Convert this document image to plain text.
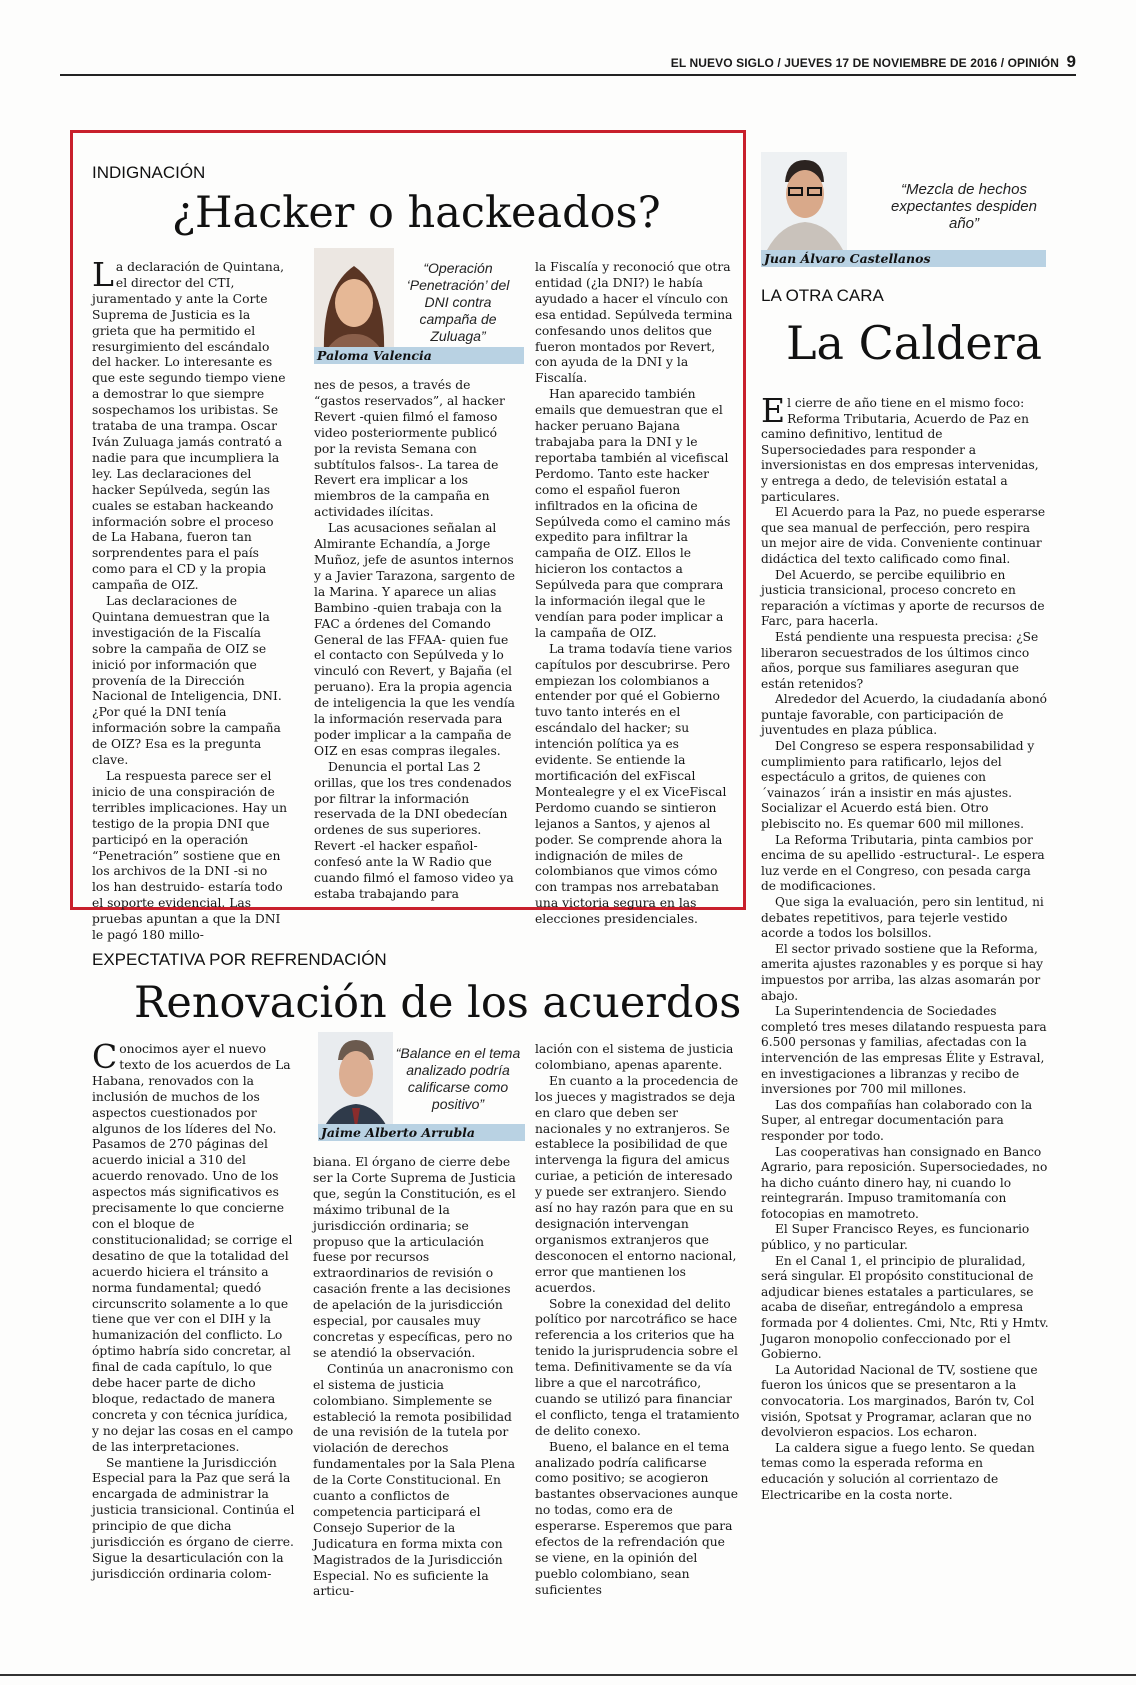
EL NUEVO SIGLO / JUEVES 17 DE NOVIEMBRE DE 2016 / OPINIÓN 9
INDIGNACIÓN
¿Hacker o hackeados?

La declaración de Quintana, el director del CTI, juramentado y ante la Corte Suprema de Justicia es la grieta que ha permitido el resurgimiento del escándalo del hacker. Lo interesante es que este segundo tiempo viene a demostrar lo que siempre sospechamos los uribistas. Se trataba de una trampa. Oscar Iván Zuluaga jamás contrató a nadie para que incumpliera la ley. Las declaraciones del hacker Sepúlveda, según las cuales se estaban hackeando información sobre el proceso de La Habana, fueron tan sorprendentes para el país como para el CD y la propia campaña de OIZ.

Las declaraciones de Quintana demuestran que la investigación de la Fiscalía sobre la campaña de OIZ se inició por información que provenía de la Dirección Nacional de Inteligencia, DNI. ¿Por qué la DNI tenía información sobre la campaña de OIZ? Esa es la pregunta clave.

La respuesta parece ser el inicio de una conspiración de terribles implicaciones. Hay un testigo de la propia DNI que participó en la operación “Penetración” sostiene que en los archivos de la DNI -si no los han destruido- estaría todo el soporte evidencial. Las pruebas apuntan a que la DNI le pagó 180 millo-

“Operación ‘Penetración’ del DNI contra campaña de Zuluaga”
Paloma Valencia

nes de pesos, a través de “gastos reservados”, al hacker Revert -quien filmó el famoso video posteriormente publicó por la revista Semana con subtítulos falsos-. La tarea de Revert era implicar a los miembros de la campaña en actividades ilícitas.

Las acusaciones señalan al Almirante Echandía, a Jorge Muñoz, jefe de asuntos internos y a Javier Tarazona, sargento de la Marina. Y aparece un alias Bambino -quien trabaja con la FAC a órdenes del Comando General de las FFAA- quien fue el contacto con Sepúlveda y lo vinculó con Revert, y Bajaña (el peruano). Era la propia agencia de inteligencia la que les vendía la información reservada para poder implicar a la campaña de OIZ en esas compras ilegales.

Denuncia el portal Las 2 orillas, que los tres condenados por filtrar la información reservada de la DNI obedecían ordenes de sus superiores. Revert -el hacker español- confesó ante la W Radio que cuando filmó el famoso video ya estaba trabajando para

la Fiscalía y reconoció que otra entidad (¿la DNI?) le había ayudado a hacer el vínculo con esa entidad. Sepúlveda termina confesando unos delitos que fueron montados por Revert, con ayuda de la DNI y la Fiscalía.

Han aparecido también emails que demuestran que el hacker peruano Bajana trabajaba para la DNI y le reportaba también al vicefiscal Perdomo. Tanto este hacker como el español fueron infiltrados en la oficina de Sepúlveda como el camino más expedito para infiltrar la campaña de OIZ. Ellos le hicieron los contactos a Sepúlveda para que comprara la información ilegal que le vendían para poder implicar a la campaña de OIZ.

La trama todavía tiene varios capítulos por descubrirse. Pero empiezan los colombianos a entender por qué el Gobierno tuvo tanto interés en el escándalo del hacker; su intención política ya es evidente. Se entiende la mortificación del exFiscal Montealegre y el ex ViceFiscal Perdomo cuando se sintieron lejanos a Santos, y ajenos al poder. Se comprende ahora la indignación de miles de colombianos que vimos cómo con trampas nos arrebataban una victoria segura en las elecciones presidenciales.

“Mezcla de hechos expectantes despiden año”
Juan Álvaro Castellanos
LA OTRA CARA
La Caldera

El cierre de año tiene en el mismo foco: Reforma Tributaria, Acuerdo de Paz en camino definitivo, lentitud de Supersociedades para responder a inversionistas en dos empresas intervenidas, y entrega a dedo, de televisión estatal a particulares.

El Acuerdo para la Paz, no puede esperarse que sea manual de perfección, pero respira un mejor aire de vida. Conveniente continuar didáctica del texto calificado como final.

Del Acuerdo, se percibe equilibrio en justicia transicional, proceso concreto en reparación a víctimas y aporte de recursos de Farc, para hacerla.

Está pendiente una respuesta precisa: ¿Se liberaron secuestrados de los últimos cinco años, porque sus familiares aseguran que están retenidos?

Alrededor del Acuerdo, la ciudadanía abonó puntaje favorable, con participación de juventudes en plaza pública.

Del Congreso se espera responsabilidad y cumplimiento para ratificarlo, lejos del espectáculo a gritos, de quienes con ´vainazos´ irán a insistir en más ajustes. Socializar el Acuerdo está bien. Otro plebiscito no. Es quemar 600 mil millones.

La Reforma Tributaria, pinta cambios por encima de su apellido -estructural-. Le espera luz verde en el Congreso, con pesada carga de modificaciones.

Que siga la evaluación, pero sin lentitud, ni debates repetitivos, para tejerle vestido acorde a todos los bolsillos.

El sector privado sostiene que la Reforma, amerita ajustes razonables y es porque si hay impuestos por arriba, las alzas asomarán por abajo.

La Superintendencia de Sociedades completó tres meses dilatando respuesta para 6.500 personas y familias, afectadas con la intervención de las empresas Élite y Estraval, en investigaciones a libranzas y recibo de inversiones por 700 mil millones.

Las dos compañías han colaborado con la Super, al entregar documentación para responder por todo.

Las cooperativas han consignado en Banco Agrario, para reposición. Supersociedades, no ha dicho cuánto dinero hay, ni cuando lo reintegrarán. Impuso tramitomanía con fotocopias en mamotreto.

El Super Francisco Reyes, es funcionario público, y no particular.

En el Canal 1, el principio de pluralidad, será singular. El propósito constitucional de adjudicar bienes estatales a particulares, se acaba de diseñar, entregándolo a empresa formada por 4 dolientes. Cmi, Ntc, Rti y Hmtv. Jugaron monopolio confeccionado por el Gobierno.

La Autoridad Nacional de TV, sostiene que fueron los únicos que se presentaron a la convocatoria. Los marginados, Barón tv, Col visión, Spotsat y Programar, aclaran que no devolvieron espacios. Los echaron.

La caldera sigue a fuego lento. Se quedan temas como la esperada reforma en educación y solución al corrientazo de Electricaribe en la costa norte.

EXPECTATIVA POR REFRENDACIÓN
Renovación de los acuerdos

Conocimos ayer el nuevo texto de los acuerdos de La Habana, renovados con la inclusión de muchos de los aspectos cuestionados por algunos de los líderes del No. Pasamos de 270 páginas del acuerdo inicial a 310 del acuerdo renovado. Uno de los aspectos más significativos es precisamente lo que concierne con el bloque de constitucionalidad; se corrige el desatino de que la totalidad del acuerdo hiciera el tránsito a norma fundamental; quedó circunscrito solamente a lo que tiene que ver con el DIH y la humanización del conflicto. Lo óptimo habría sido concretar, al final de cada capítulo, lo que debe hacer parte de dicho bloque, redactado de manera concreta y con técnica jurídica, y no dejar las cosas en el campo de las interpretaciones.

Se mantiene la Jurisdicción Especial para la Paz que será la encargada de administrar la justicia transicional. Continúa el principio de que dicha jurisdicción es órgano de cierre. Sigue la desarticulación con la jurisdicción ordinaria colom-

“Balance en el tema analizado podría calificarse como positivo”
Jaime Alberto Arrubla

biana. El órgano de cierre debe ser la Corte Suprema de Justicia que, según la Constitución, es el máximo tribunal de la jurisdicción ordinaria; se propuso que la articulación fuese por recursos extraordinarios de revisión o casación frente a las decisiones de apelación de la jurisdicción especial, por causales muy concretas y específicas, pero no se atendió la observación.

Continúa un anacronismo con el sistema de justicia colombiano. Simplemente se estableció la remota posibilidad de una revisión de la tutela por violación de derechos fundamentales por la Sala Plena de la Corte Constitucional. En cuanto a conflictos de competencia participará el Consejo Superior de la Judicatura en forma mixta con Magistrados de la Jurisdicción Especial. No es suficiente la articu-

lación con el sistema de justicia colombiano, apenas aparente.

En cuanto a la procedencia de los jueces y magistrados se deja en claro que deben ser nacionales y no extranjeros. Se establece la posibilidad de que intervenga la figura del amicus curiae, a petición de interesado y puede ser extranjero. Siendo así no hay razón para que en su designación intervengan organismos extranjeros que desconocen el entorno nacional, error que mantienen los acuerdos.

Sobre la conexidad del delito político por narcotráfico se hace referencia a los criterios que ha tenido la jurisprudencia sobre el tema. Definitivamente se da vía libre a que el narcotráfico, cuando se utilizó para financiar el conflicto, tenga el tratamiento de delito conexo.

Bueno, el balance en el tema analizado podría calificarse como positivo; se acogieron bastantes observaciones aunque no todas, como era de esperarse. Esperemos que para efectos de la refrendación que se viene, en la opinión del pueblo colombiano, sean suficientes
